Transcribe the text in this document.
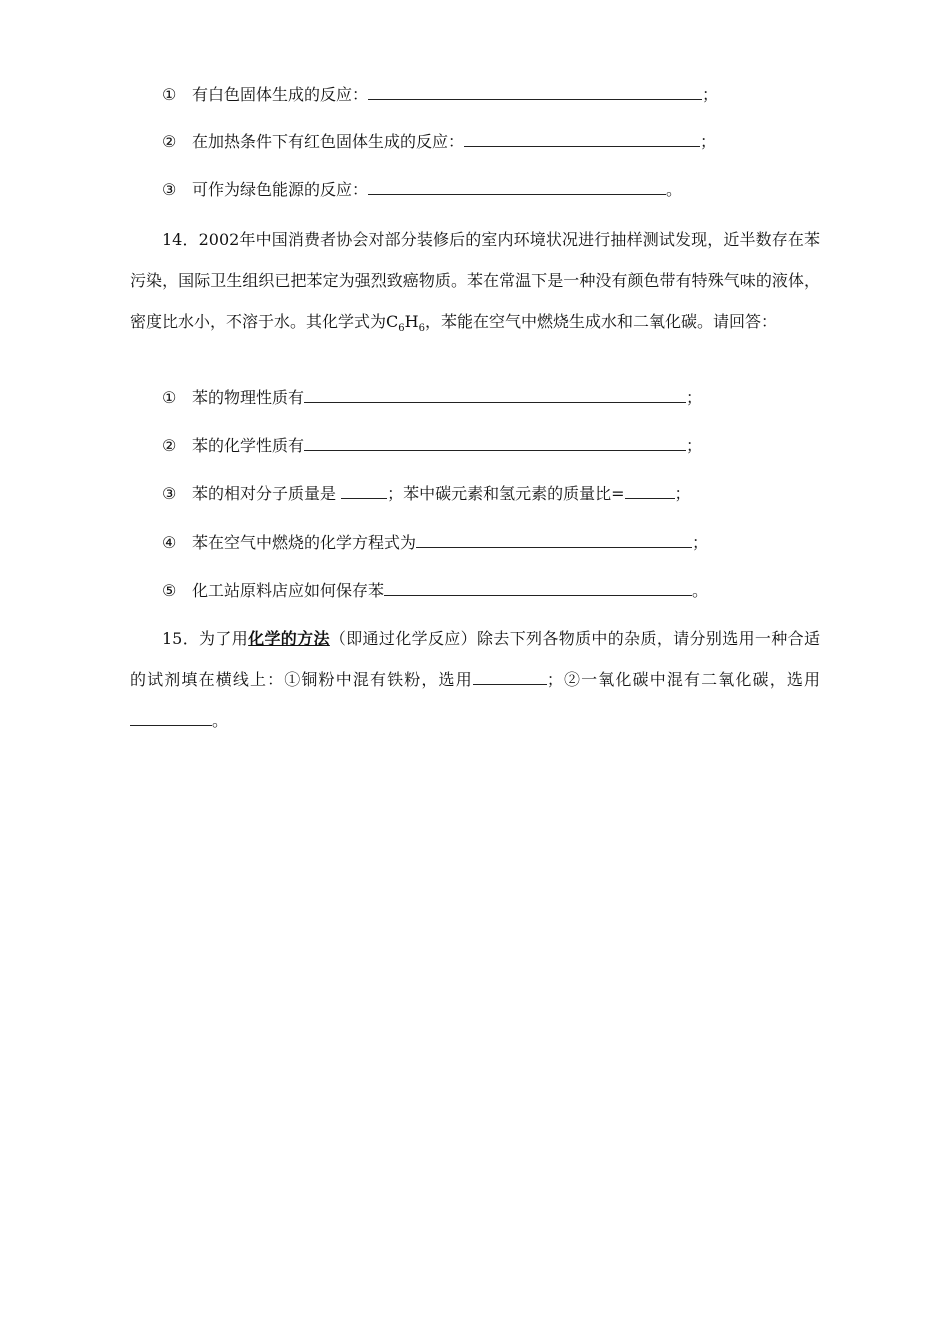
① 有白色固体生成的反应：	；
② 在加热条件下有红色固体生成的反应：	；
③ 可作为绿色能源的反应：	。
14．2002年中国消费者协会对部分装修后的室内环境状况进行抽样测试发现，近半数存在苯污染，国际卫生组织已把苯定为强烈致癌物质。苯在常温下是一种没有颜色带有特殊气味的液体，密度比水小，不溶于水。其化学式为$C_6H_6$，苯能在空气中燃烧生成水和二氧化碳。请回答：
① 苯的物理性质有	；
② 苯的化学性质有	；
③ 苯的相对分子质量是	；苯中碳元素和氢元素的质量比=	；
④ 苯在空气中燃烧的化学方程式为	；
⑤ 化工站原料店应如何保存苯	。
15．为了用化学的方法（即通过化学反应）除去下列各物质中的杂质，请分别选用一种合适的试剂填在横线上：①铜粉中混有铁粉，选用	；②一氧化碳中混有二氧化碳，选用。
